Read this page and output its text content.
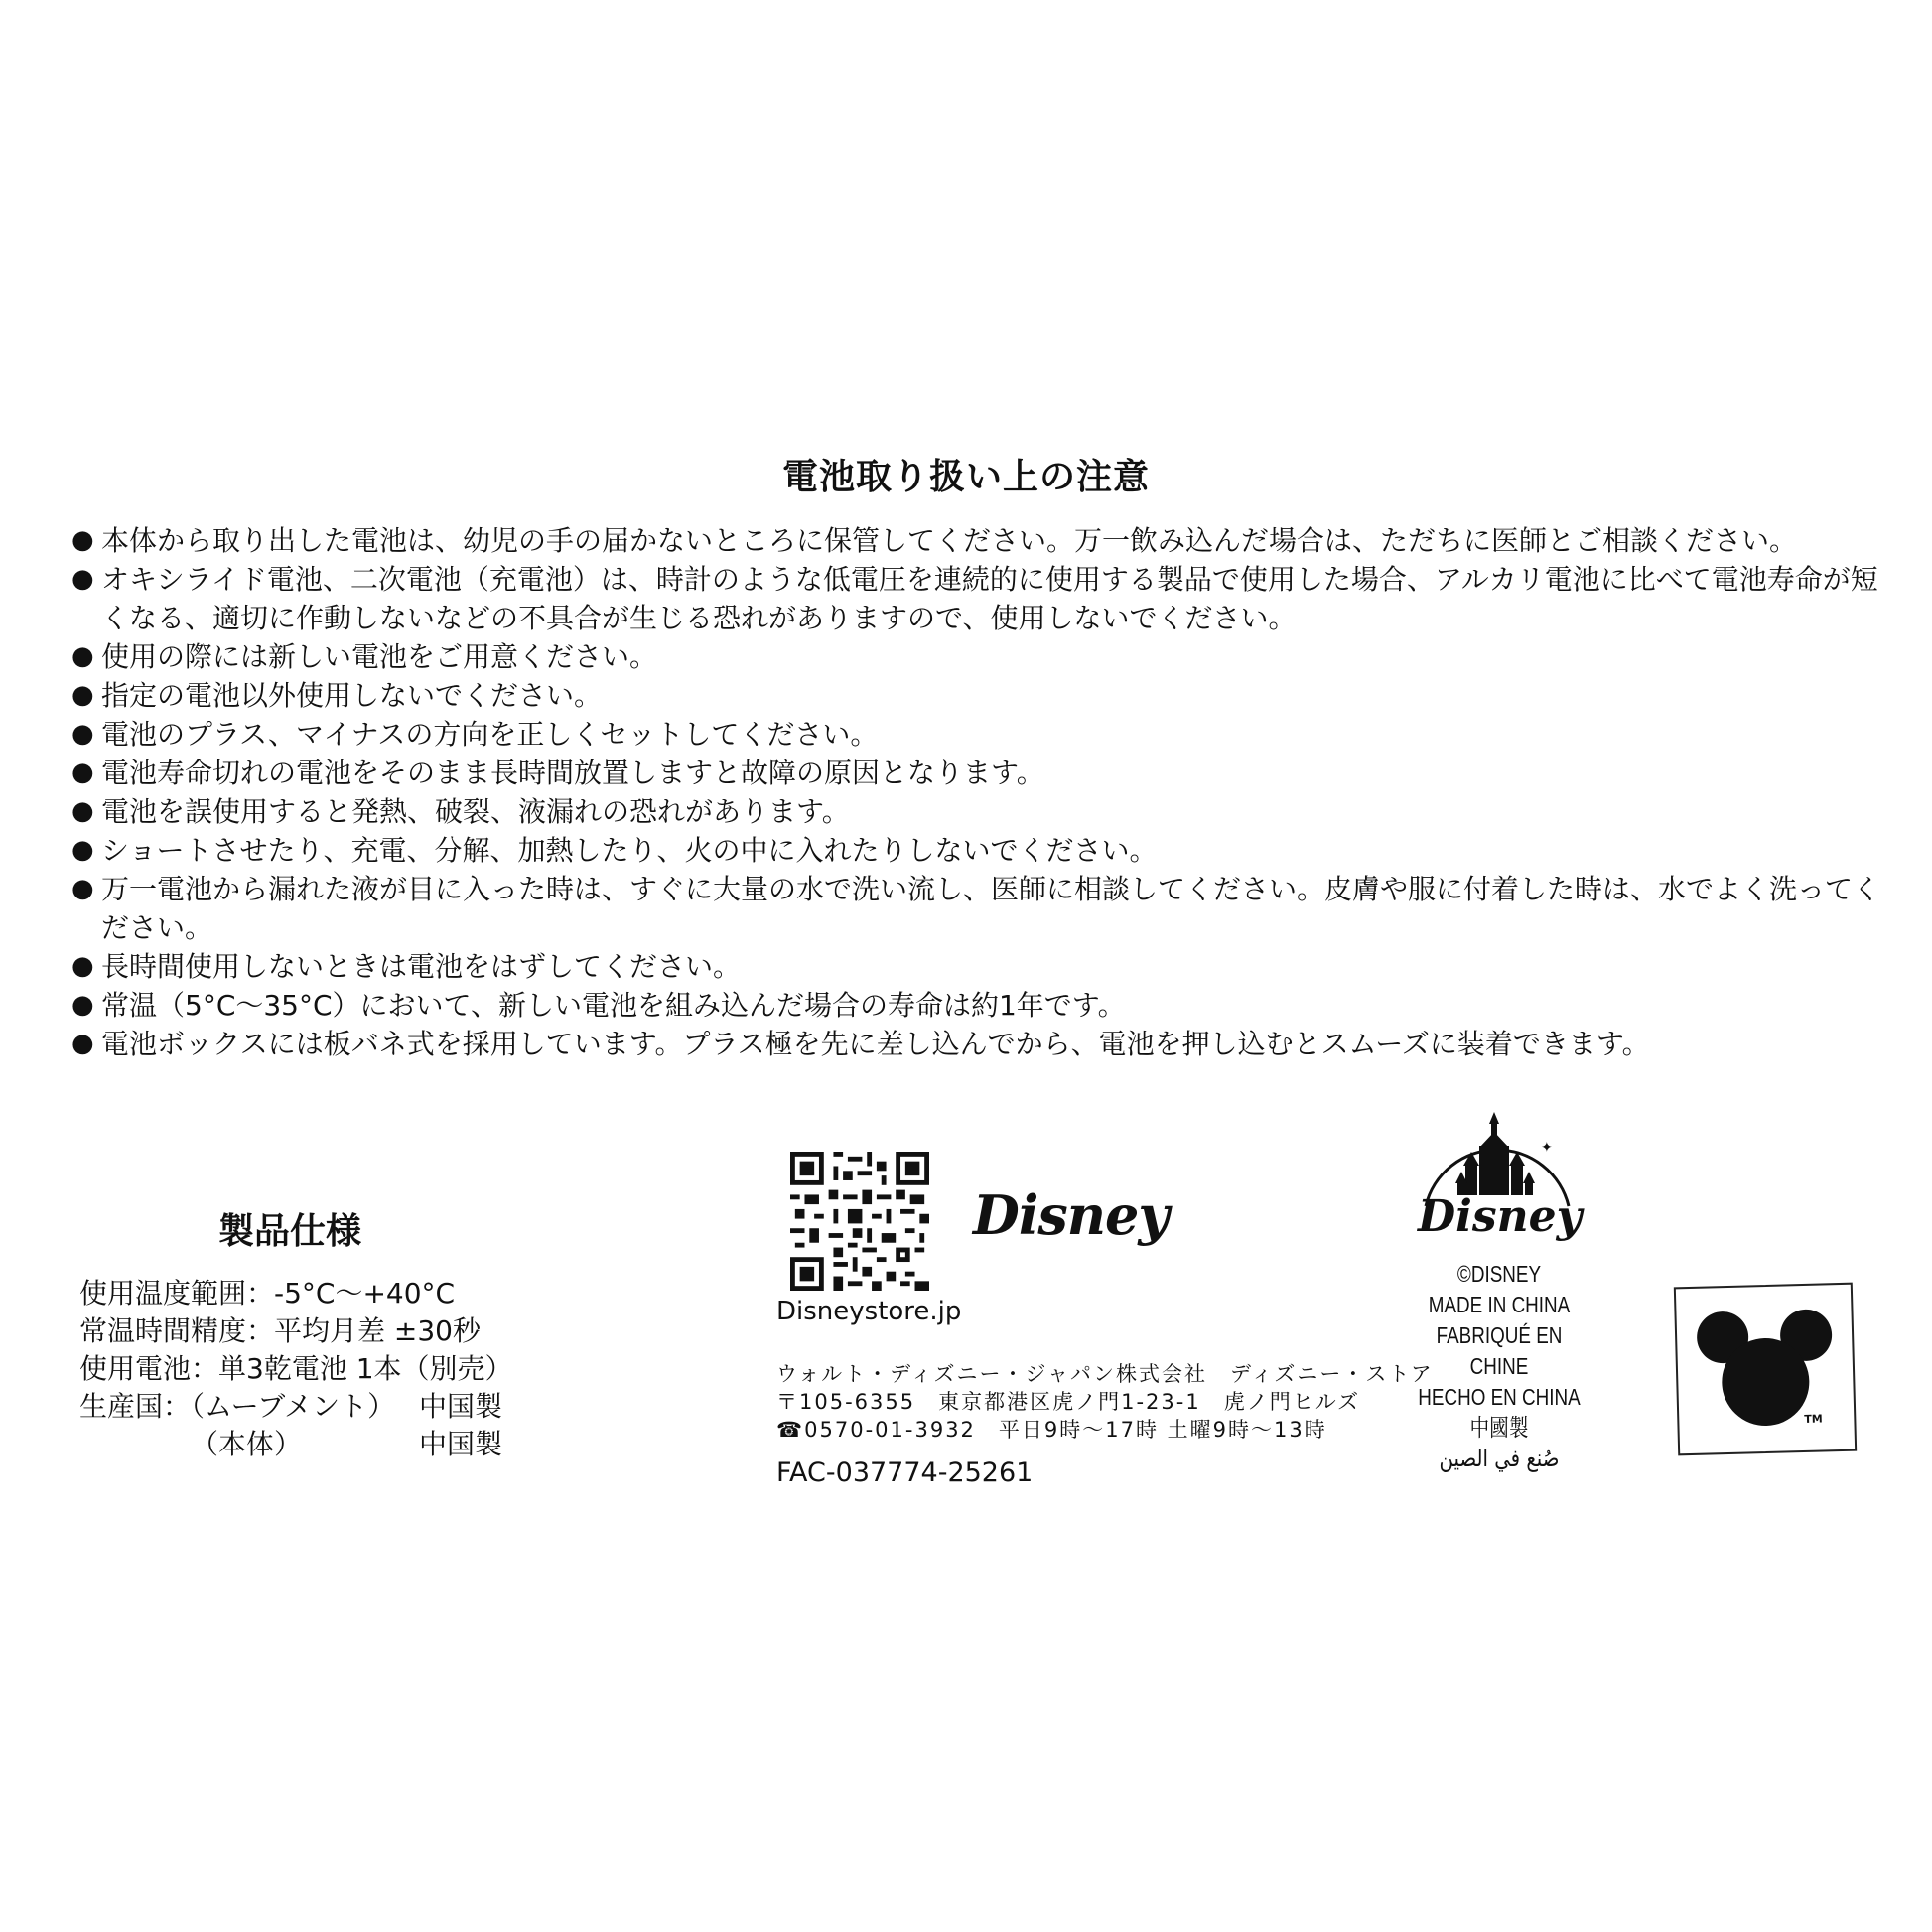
電池取り扱い上の注意
● 本体から取り出した電池は、幼児の手の届かないところに保管してください。万一飲み込んだ場合は、ただちに医師とご相談ください。
● オキシライド電池、二次電池（充電池）は、時計のような低電圧を連続的に使用する製品で使用した場合、アルカリ電池に比べて電池寿命が短くなる、適切に作動しないなどの不具合が生じる恐れがありますので、使用しないでください。
● 使用の際には新しい電池をご用意ください。
● 指定の電池以外使用しないでください。
● 電池のプラス、マイナスの方向を正しくセットしてください。
● 電池寿命切れの電池をそのまま長時間放置しますと故障の原因となります。
● 電池を誤使用すると発熱、破裂、液漏れの恐れがあります。
● ショートさせたり、充電、分解、加熱したり、火の中に入れたりしないでください。
● 万一電池から漏れた液が目に入った時は、すぐに大量の水で洗い流し、医師に相談してください。皮膚や服に付着した時は、水でよく洗ってください。
● 長時間使用しないときは電池をはずしてください。
● 常温（5°C〜35°C）において、新しい電池を組み込んだ場合の寿命は約1年です。
● 電池ボックスには板バネ式を採用しています。プラス極を先に差し込んでから、電池を押し込むとスムーズに装着できます。
製品仕様
使用温度範囲：-5°C〜+40°C
常温時間精度：平均月差 ±30秒
使用電池：単3乾電池 1本（別売）
生産国：（ムーブメント） 中国製
（本体）	中国製
Disney
Disneystore.jp
ウォルト・ディズニー・ジャパン株式会社　ディズニー・ストア
〒105-6355　東京都港区虎ノ門1-23-1　虎ノ門ヒルズ
☎0570-01-3932　平日9時〜17時 土曜9時〜13時
FAC-037774-25261
✦
Disney
©DISNEY
MADE IN CHINA
FABRIQUÉ EN CHINE
HECHO EN CHINA
中國製
صُنع في الصين
TM
